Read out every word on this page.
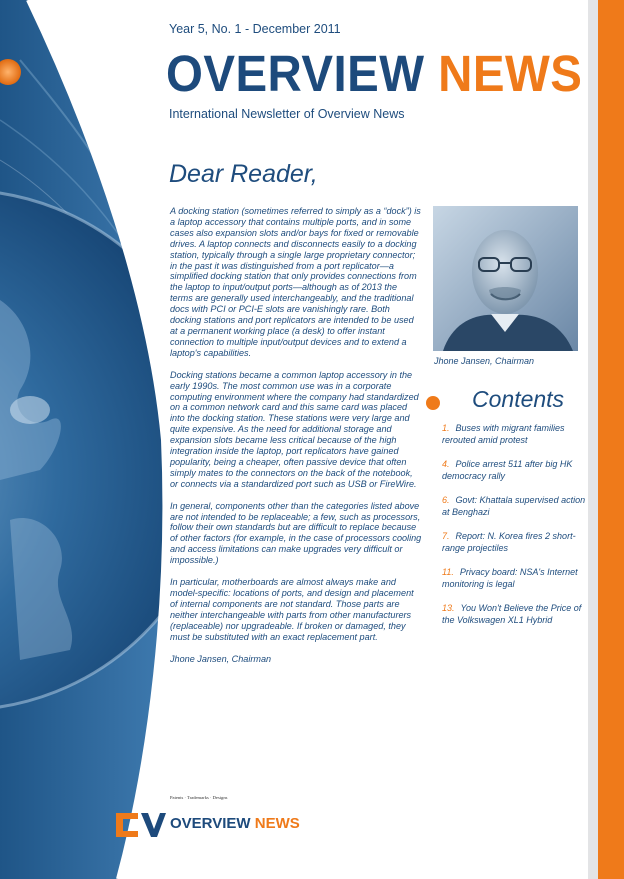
Year 5, No. 1 - December 2011
OVERVIEW NEWS
International Newsletter of Overview News
Dear Reader,

A docking station (sometimes referred to simply as a “dock”) is a laptop accessory that contains multiple ports, and in some cases also expansion slots and/or bays for fixed or removable drives. A laptop connects and disconnects easily to a docking station, typically through a single large proprietary connector; in the past it was distinguished from a port replicator—a simplified docking station that only provides connections from the laptop to input/output ports—although as of 2013 the terms are generally used interchangeably, and the traditional docs with PCI or PCI-E slots are vanishingly rare. Both docking stations and port replicators are intended to be used at a permanent working place (a desk) to offer instant connection to multiple input/output devices and to extend a laptop's capabilities.

Docking stations became a common laptop accessory in the early 1990s. The most common use was in a corporate computing environment where the company had standardized on a common network card and this same card was placed into the docking station. These stations were very large and quite expensive. As the need for additional storage and expansion slots became less critical because of the high integration inside the laptop, port replicators have gained popularity, being a cheaper, often passive device that often simply mates to the connectors on the back of the notebook, or connects via a standardized port such as USB or FireWire.

In general, components other than the categories listed above are not intended to be replaceable; a few, such as processors, follow their own standards but are difficult to replace because of other factors (for example, in the case of processors cooling and access limitations can make upgrades very difficult or impossible.)

In particular, motherboards are almost always make and model-specific: locations of ports, and design and placement of internal components are not standard. Those parts are neither interchangeable with parts from other manufacturers (replaceable) nor upgradeable. If broken or damaged, they must be substituted with an exact replacement part.

Jhone Jansen, Chairman

Jhone Jansen, Chairman
Contents
1. Buses with migrant families rerouted amid protest
4. Police arrest 511 after big HK democracy rally
6. Govt: Khattala supervised action at Benghazi
7. Report: N. Korea fires 2 short-range projectiles
11. Privacy board: NSA's Internet monitoring is legal
13. You Won't Believe the Price of the Volkswagen XL1 Hybrid
Patents · Trademarks · Designs
OVERVIEW NEWS
